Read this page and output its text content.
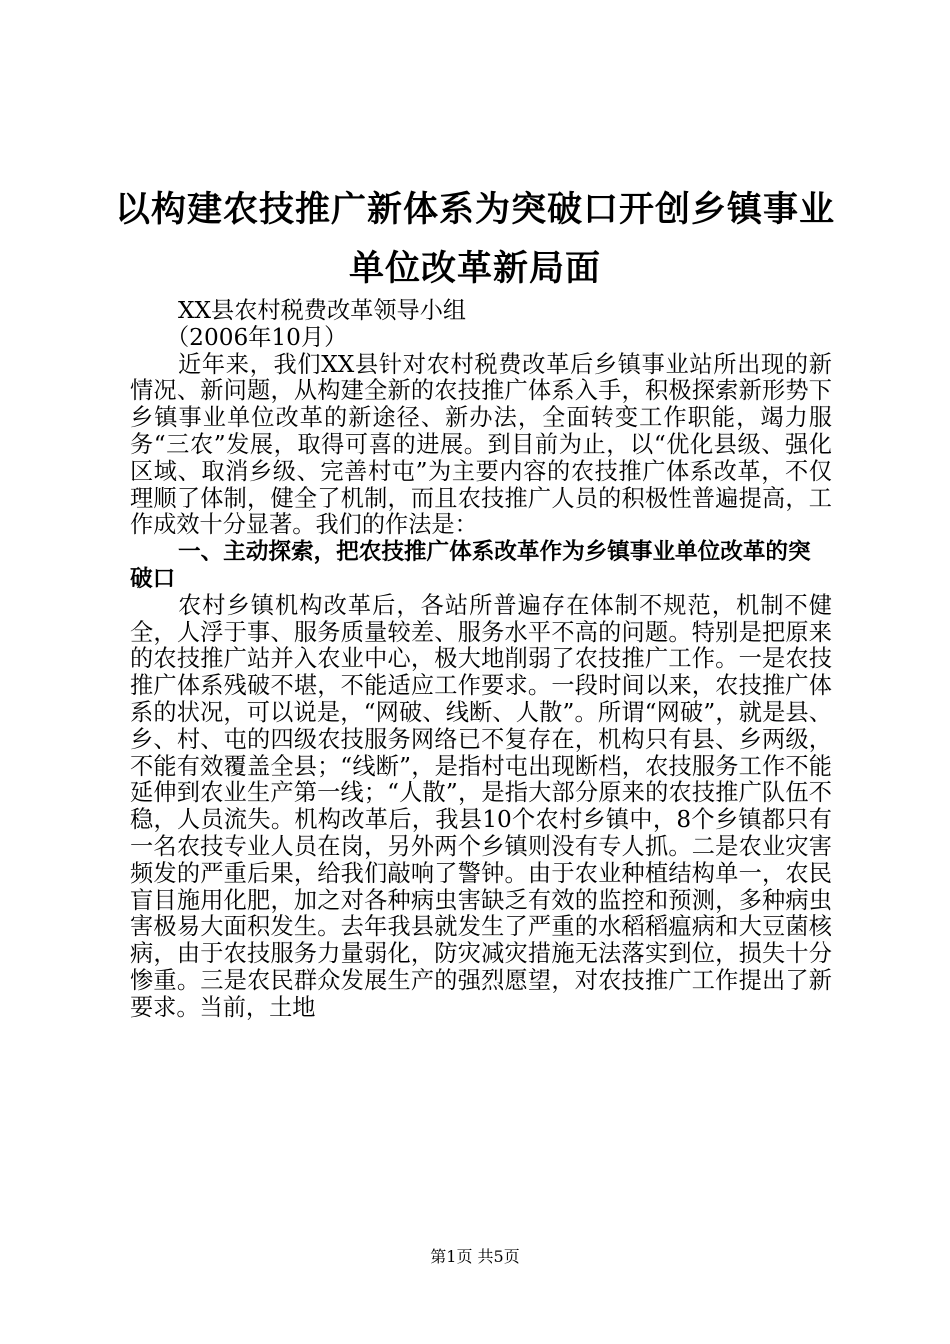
以构建农技推广新体系为突破口开创乡镇事业
单位改革新局面

XX县农村税费改革领导小组

（2006年10月）

近年来，我们XX县针对农村税费改革后乡镇事业站所出现的新情况、新问题，从构建全新的农技推广体系入手，积极探索新形势下乡镇事业单位改革的新途径、新办法，全面转变工作职能，竭力服务“三农”发展，取得可喜的进展。到目前为止，以“优化县级、强化区域、取消乡级、完善村屯”为主要内容的农技推广体系改革，不仅理顺了体制，健全了机制，而且农技推广人员的积极性普遍提高，工作成效十分显著。我们的作法是：

一、主动探索，把农技推广体系改革作为乡镇事业单位改革的突破口

农村乡镇机构改革后，各站所普遍存在体制不规范，机制不健全，人浮于事、服务质量较差、服务水平不高的问题。特别是把原来的农技推广站并入农业中心，极大地削弱了农技推广工作。一是农技推广体系残破不堪，不能适应工作要求。一段时间以来，农技推广体系的状况，可以说是，“网破、线断、人散”。所谓“网破”，就是县、乡、村、屯的四级农技服务网络已不复存在，机构只有县、乡两级，不能有效覆盖全县；“线断”，是指村屯出现断档，农技服务工作不能延伸到农业生产第一线；“人散”，是指大部分原来的农技推广队伍不稳，人员流失。机构改革后，我县10个农村乡镇中，8个乡镇都只有一名农技专业人员在岗，另外两个乡镇则没有专人抓。二是农业灾害频发的严重后果，给我们敲响了警钟。由于农业种植结构单一，农民盲目施用化肥，加之对各种病虫害缺乏有效的监控和预测，多种病虫害极易大面积发生。去年我县就发生了严重的水稻稻瘟病和大豆菌核病，由于农技服务力量弱化，防灾减灾措施无法落实到位，损失十分惨重。三是农民群众发展生产的强烈愿望，对农技推广工作提出了新要求。当前，土地

第1页 共5页
